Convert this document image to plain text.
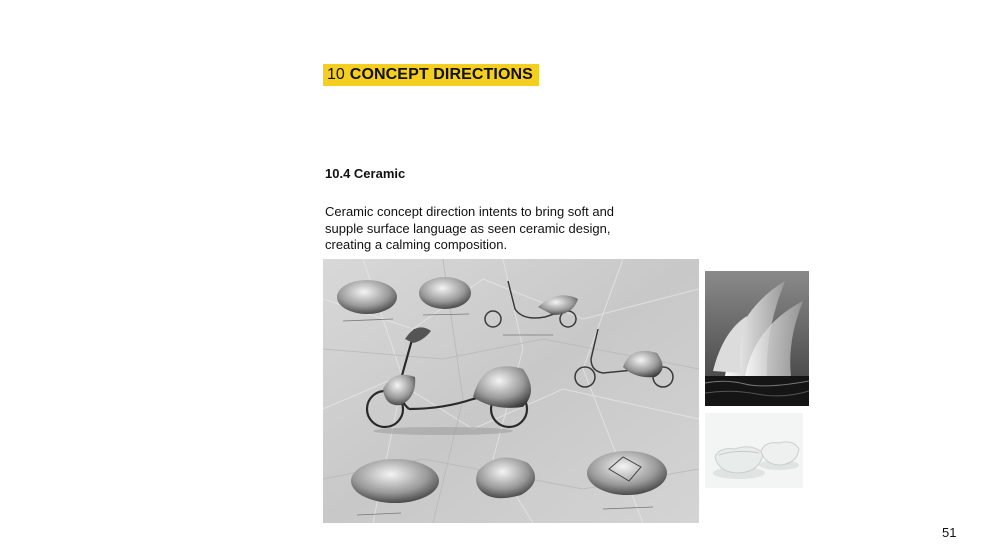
10 CONCEPT DIRECTIONS
10.4 Ceramic

Ceramic concept direction intents to bring soft and supple surface language as seen ceramic design, creating a calming composition.

51
